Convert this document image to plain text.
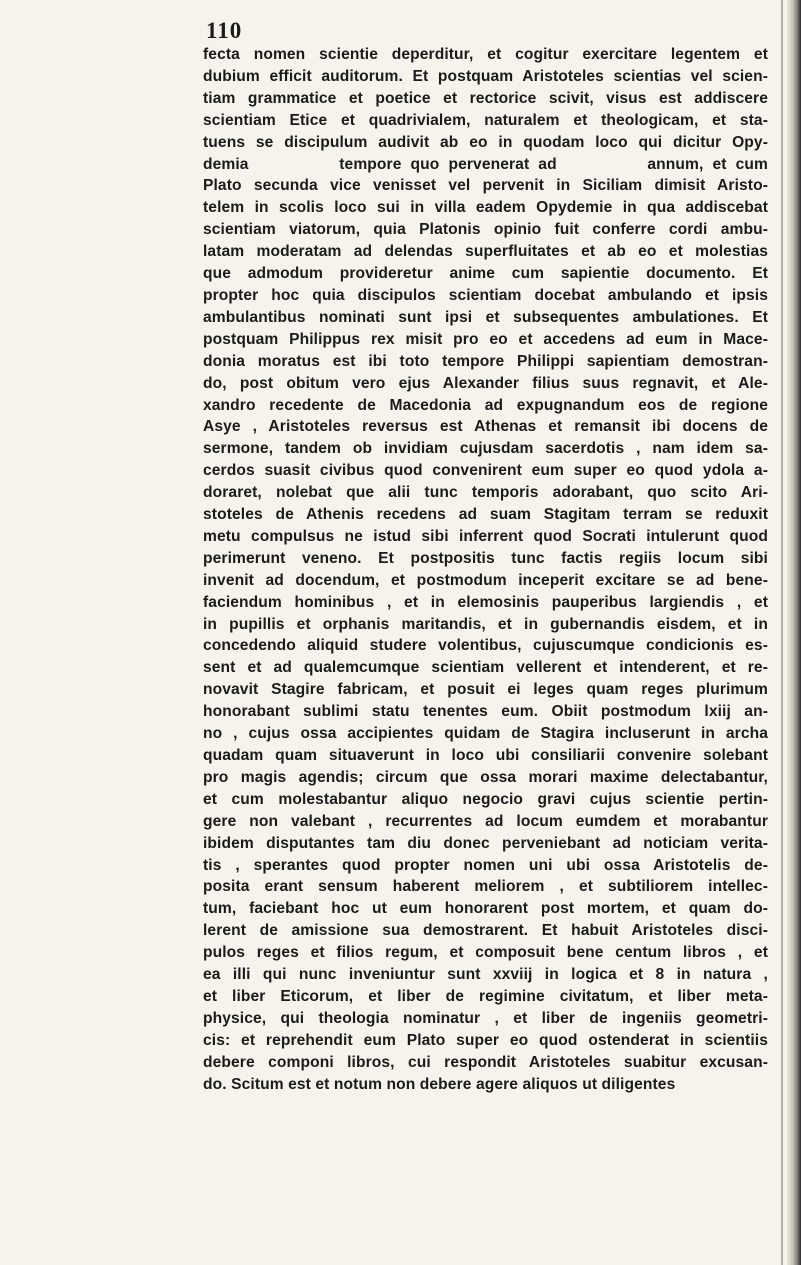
110
fecta nomen scientie deperditur, et cogitur exercitare legentem et
dubium efficit auditorum. Et postquam Aristoteles scientias vel scien-
tiam grammatice et poetice et rectorice scivit, visus est addiscere
scientiam Etice et quadrivialem, naturalem et theologicam, et sta-
tuens se discipulum audivit ab eo in quodam loco qui dicitur Opy-
demia          tempore quo pervenerat ad          annum, et cum
Plato secunda vice venisset vel pervenit in Siciliam dimisit Aristo-
telem in scolis loco sui in villa eadem Opydemie in qua addiscebat
scientiam viatorum, quia Platonis opinio fuit conferre cordi ambu-
latam moderatam ad delendas superfluitates et ab eo et molestias
que admodum provideretur anime cum sapientie documento. Et
propter hoc quia discipulos scientiam docebat ambulando et ipsis
ambulantibus nominati sunt ipsi et subsequentes ambulationes. Et
postquam Philippus rex misit pro eo et accedens ad eum in Mace-
donia moratus est ibi toto tempore Philippi sapientiam demostran-
do, post obitum vero ejus Alexander filius suus regnavit, et Ale-
xandro recedente de Macedonia ad expugnandum eos de regione
Asye , Aristoteles reversus est Athenas et remansit ibi docens de
sermone, tandem ob invidiam cujusdam sacerdotis , nam idem sa-
cerdos suasit civibus quod convenirent eum super eo quod ydola a-
doraret, nolebat que alii tunc temporis adorabant, quo scito Ari-
stoteles de Athenis recedens ad suam Stagitam terram se reduxit
metu compulsus ne istud sibi inferrent quod Socrati intulerunt quod
perimerunt veneno. Et postpositis tunc factis regiis locum sibi
invenit ad docendum, et postmodum inceperit excitare se ad bene-
faciendum hominibus , et in elemosinis pauperibus largiendis , et
in pupillis et orphanis maritandis, et in gubernandis eisdem, et in
concedendo aliquid studere volentibus, cujuscumque condicionis es-
sent et ad qualemcumque scientiam vellerent et intenderent, et re-
novavit Stagire fabricam, et posuit ei leges quam reges plurimum
honorabant sublimi statu tenentes eum. Obiit postmodum lxiij an-
no , cujus ossa accipientes quidam de Stagira incluserunt in archa
quadam quam situaverunt in loco ubi consiliarii convenire solebant
pro magis agendis; circum que ossa morari maxime delectabantur,
et cum molestabantur aliquo negocio gravi cujus scientie pertin-
gere non valebant , recurrentes ad locum eumdem et morabantur
ibidem disputantes tam diu donec perveniebant ad noticiam verita-
tis , sperantes quod propter nomen uni ubi ossa Aristotelis de-
posita erant sensum haberent meliorem , et subtiliorem intellec-
tum, faciebant hoc ut eum honorarent post mortem, et quam do-
lerent de amissione sua demostrarent. Et habuit Aristoteles disci-
pulos reges et filios regum, et composuit bene centum libros , et
ea illi qui nunc inveniuntur sunt xxviij in logica et 8 in natura ,
et liber Eticorum, et liber de regimine civitatum, et liber meta-
physice, qui theologia nominatur , et liber de ingeniis geometri-
cis: et reprehendit eum Plato super eo quod ostenderat in scientiis
debere componi libros, cui respondit Aristoteles suabitur excusan-
do. Scitum est et notum non debere agere aliquos ut diligentes
